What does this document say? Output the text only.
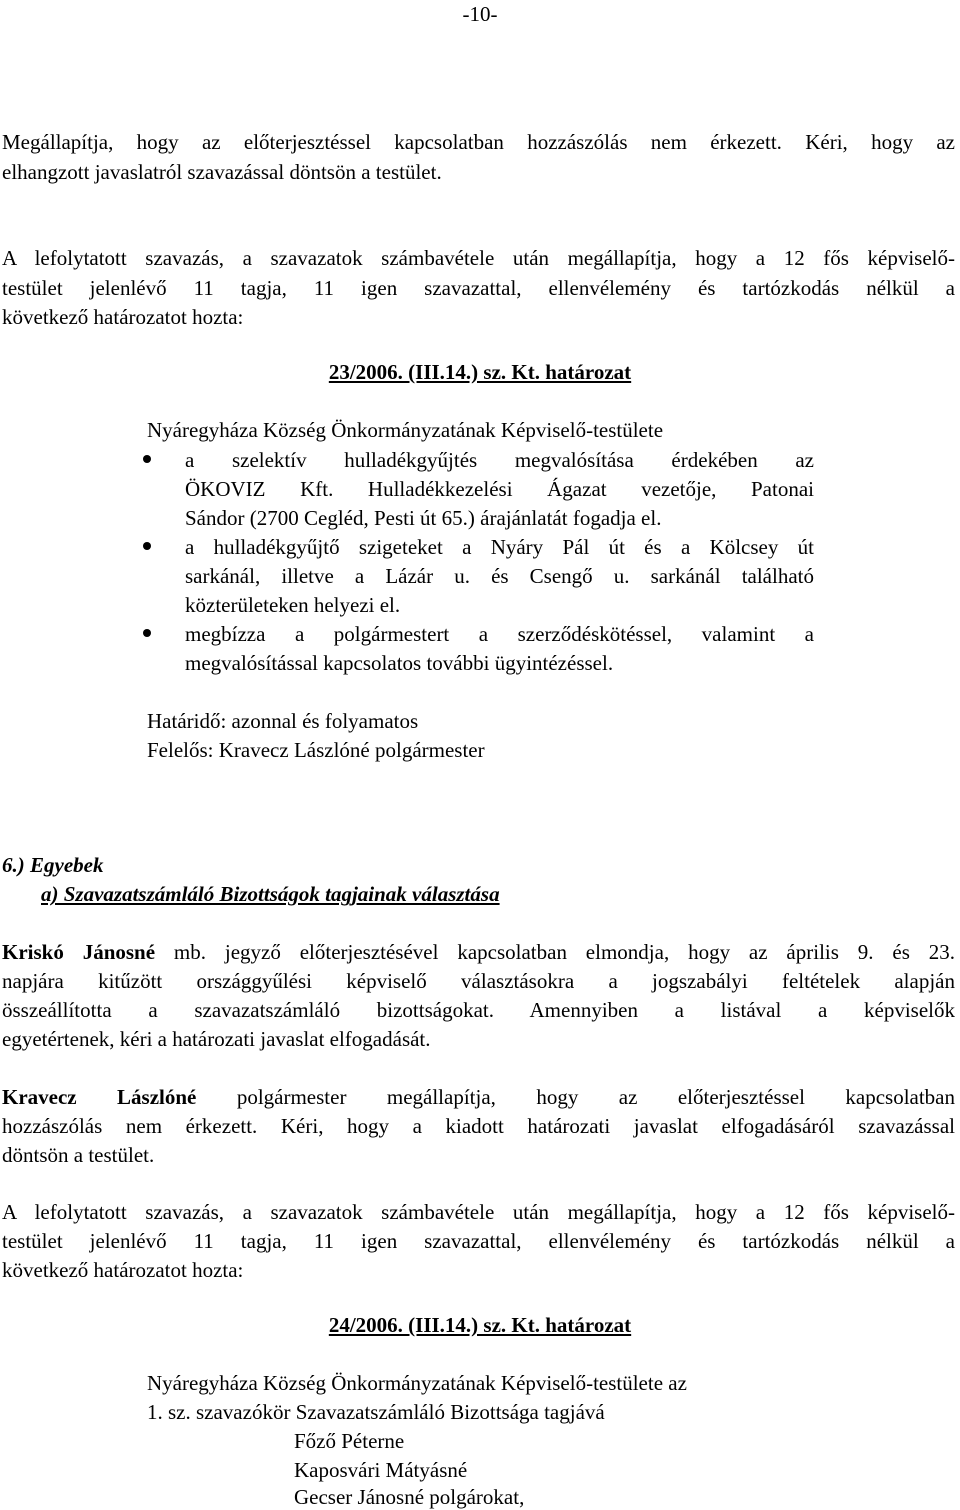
-10-
Megállapítja, hogy az előterjesztéssel kapcsolatban hozzászólás nem érkezett. Kéri, hogy az
elhangzott javaslatról szavazással döntsön a testület.
A lefolytatott szavazás, a szavazatok számbavétele után megállapítja, hogy a 12 fős képviselő-
testület jelenlévő 11 tagja, 11 igen szavazattal, ellenvélemény és tartózkodás nélkül a
következő határozatot hozta:
23/2006. (III.14.) sz. Kt. határozat
Nyáregyháza Község Önkormányzatának Képviselő-testülete
a szelektív hulladékgyűjtés megvalósítása érdekében az
ÖKOVIZ Kft. Hulladékkezelési Ágazat vezetője, Patonai
Sándor (2700 Cegléd, Pesti út 65.) árajánlatát fogadja el.
a hulladékgyűjtő szigeteket a Nyáry Pál út és a Kölcsey út
sarkánál, illetve a Lázár u. és Csengő u. sarkánál található
közterületeken helyezi el.
megbízza a polgármestert a szerződéskötéssel, valamint a
megvalósítással kapcsolatos további ügyintézéssel.
Határidő: azonnal és folyamatos
Felelős: Kravecz Lászlóné polgármester
6.) Egyebek
a) Szavazatszámláló Bizottságok tagjainak választása
Kriskó Jánosné mb. jegyző előterjesztésével kapcsolatban elmondja, hogy az április 9. és 23.
napjára kitűzött országgyűlési képviselő választásokra a jogszabályi feltételek alapján
összeállította a szavazatszámláló bizottságokat. Amennyiben a listával a képviselők
egyetértenek, kéri a határozati javaslat elfogadását.
Kravecz Lászlóné polgármester megállapítja, hogy az előterjesztéssel kapcsolatban
hozzászólás nem érkezett. Kéri, hogy a kiadott határozati javaslat elfogadásáról szavazással
döntsön a testület.
A lefolytatott szavazás, a szavazatok számbavétele után megállapítja, hogy a 12 fős képviselő-
testület jelenlévő 11 tagja, 11 igen szavazattal, ellenvélemény és tartózkodás nélkül a
következő határozatot hozta:
24/2006. (III.14.) sz. Kt. határozat
Nyáregyháza Község Önkormányzatának Képviselő-testülete az
1. sz. szavazókör Szavazatszámláló Bizottsága tagjává
Főző Péterne
Kaposvári Mátyásné
Gecser Jánosné polgárokat,
